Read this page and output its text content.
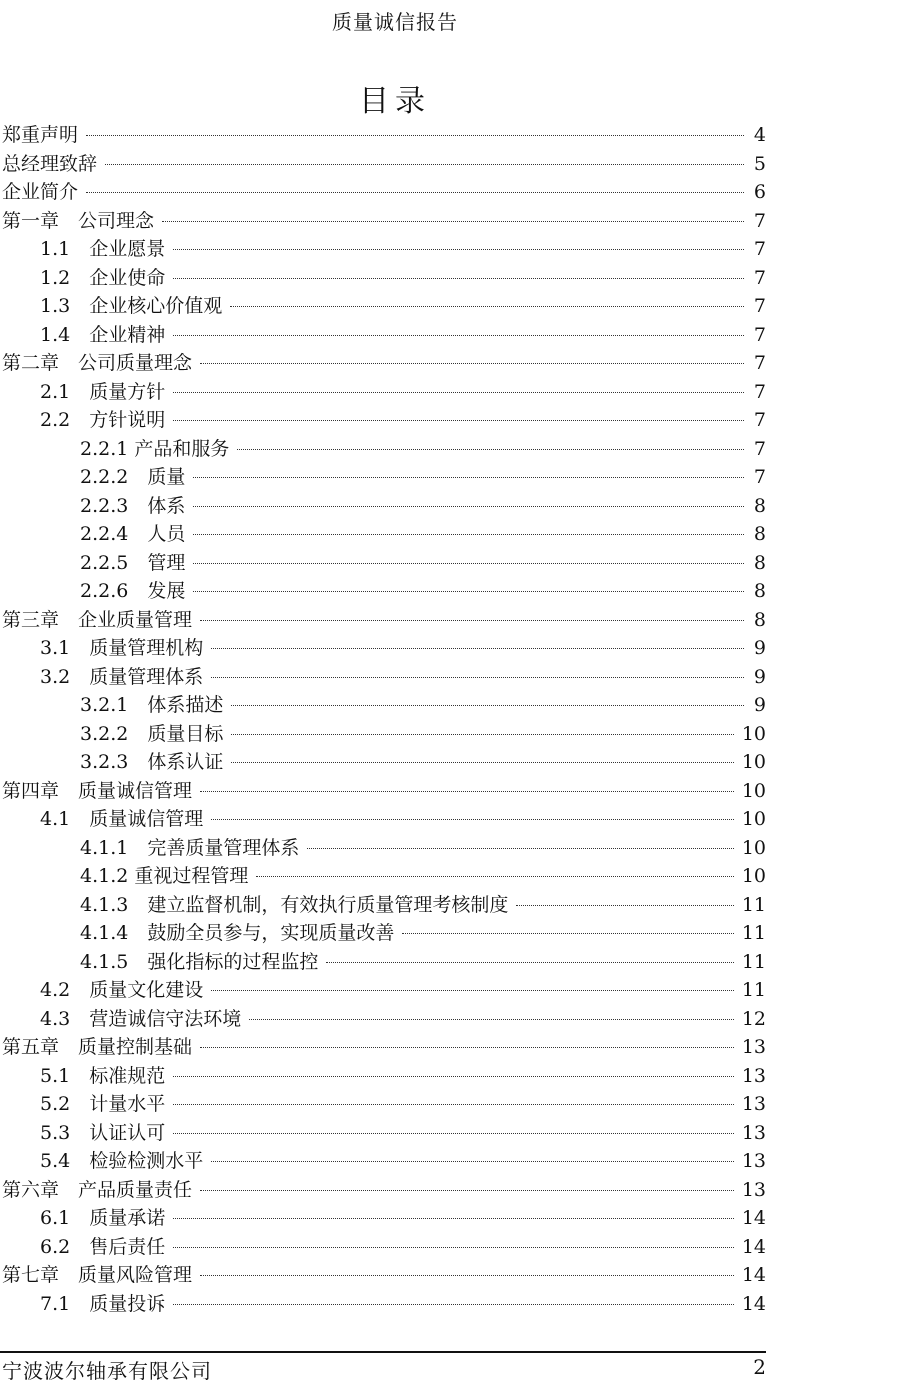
质量诚信报告
目录
郑重声明	4
总经理致辞	5
企业简介	6
第一章　公司理念	7
1.1　企业愿景	7
1.2　企业使命	7
1.3　企业核心价值观	7
1.4　企业精神	7
第二章　公司质量理念	7
2.1　质量方针	7
2.2　方针说明	7
2.2.1 产品和服务	7
2.2.2　质量	7
2.2.3　体系	8
2.2.4　人员	8
2.2.5　管理	8
2.2.6　发展	8
第三章　企业质量管理	8
3.1　质量管理机构	9
3.2　质量管理体系	9
3.2.1　体系描述	9
3.2.2　质量目标	10
3.2.3　体系认证	10
第四章　质量诚信管理	10
4.1　质量诚信管理	10
4.1.1　完善质量管理体系	10
4.1.2 重视过程管理	10
4.1.3　建立监督机制，有效执行质量管理考核制度	11
4.1.4　鼓励全员参与，实现质量改善	11
4.1.5　强化指标的过程监控	11
4.2　质量文化建设	11
4.3　营造诚信守法环境	12
第五章　质量控制基础	13
5.1　标准规范	13
5.2　计量水平	13
5.3　认证认可	13
5.4　检验检测水平	13
第六章　产品质量责任	13
6.1　质量承诺	14
6.2　售后责任	14
第七章　质量风险管理	14
7.1　质量投诉	14
宁波波尔轴承有限公司	2
